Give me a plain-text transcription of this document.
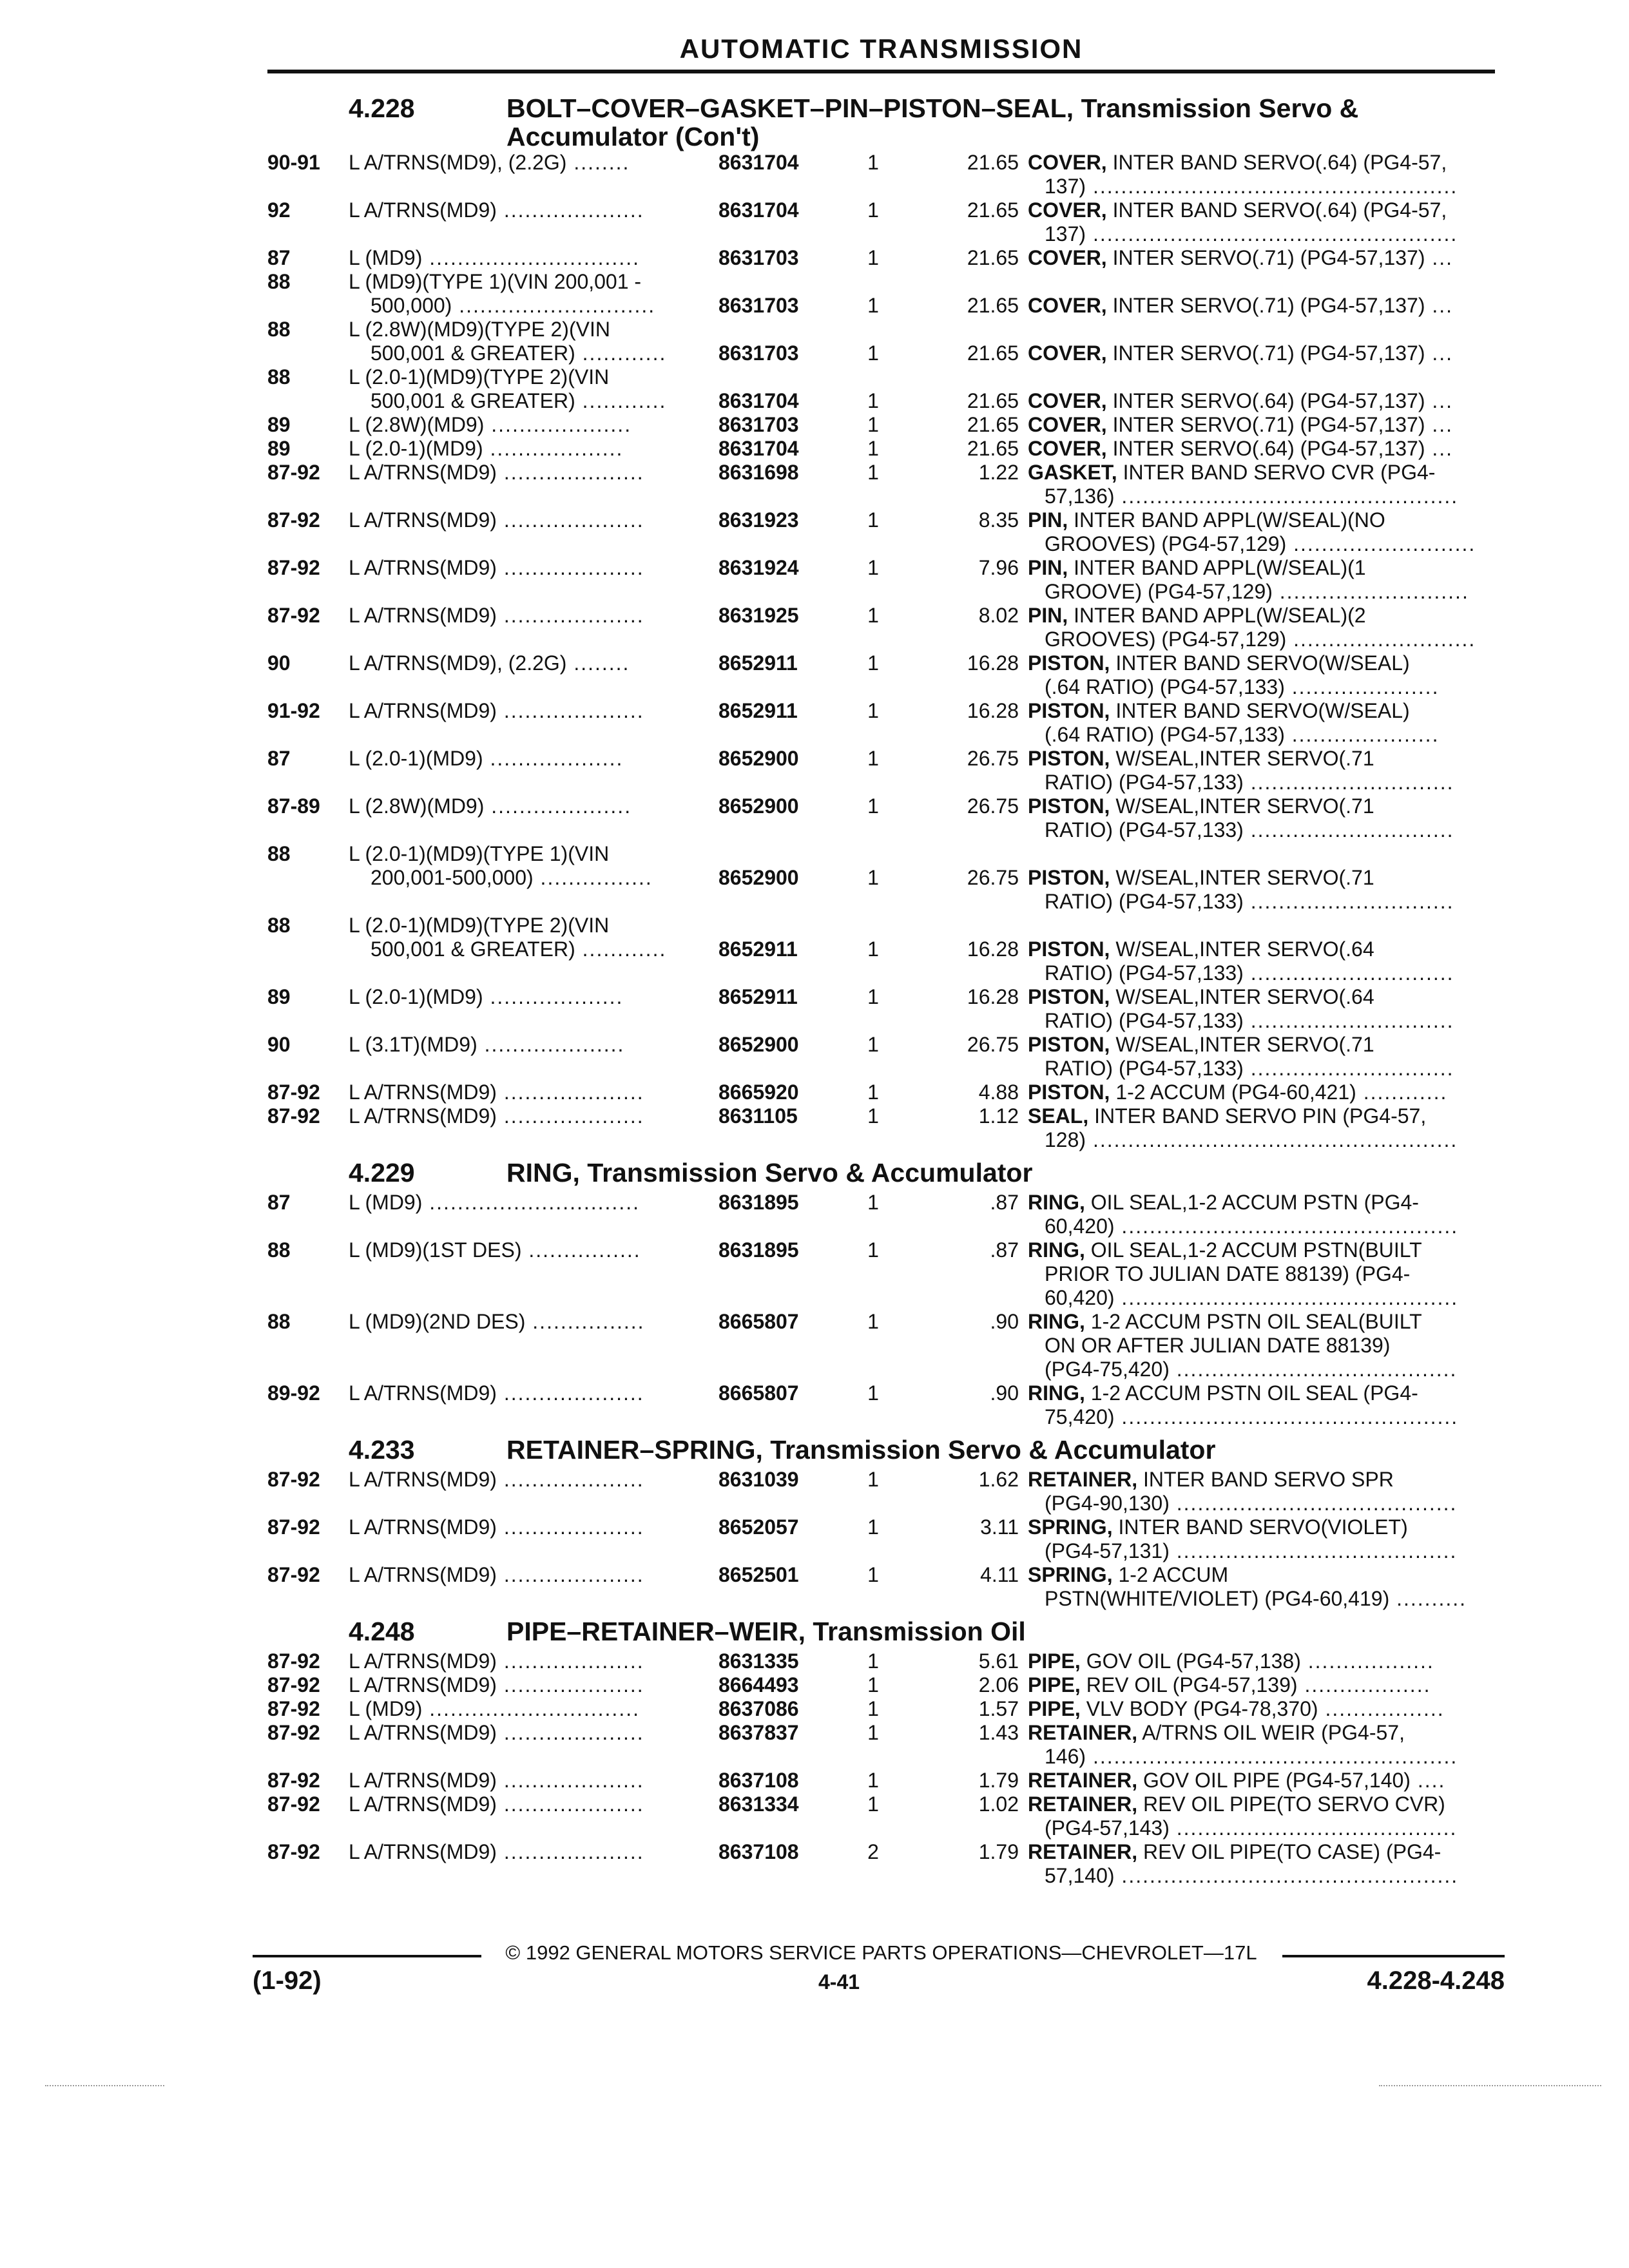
AUTOMATIC TRANSMISSION
4.228	BOLT–COVER–GASKET–PIN–PISTON–SEAL, Transmission Servo & Accumulator (Con't)
90-91	L A/TRNS(MD9), (2.2G) ........	8631704	1	21.65 COVER, INTER BAND SERVO(.64) (PG4-57,
137) ....................................................
92	L A/TRNS(MD9) ....................	8631704	1	21.65 COVER, INTER BAND SERVO(.64) (PG4-57,
137) ....................................................
87	L (MD9) ..............................	8631703	1	21.65 COVER, INTER SERVO(.71) (PG4-57,137) ...
88	L (MD9)(TYPE 1)(VIN 200,001 -
500,000) ............................	8631703	1	21.65 COVER, INTER SERVO(.71) (PG4-57,137) ...
88	L (2.8W)(MD9)(TYPE 2)(VIN
500,001 & GREATER) ............	8631703	1	21.65 COVER, INTER SERVO(.71) (PG4-57,137) ...
88	L (2.0-1)(MD9)(TYPE 2)(VIN
500,001 & GREATER) ............	8631704	1	21.65 COVER, INTER SERVO(.64) (PG4-57,137) ...
89	L (2.8W)(MD9) ....................	8631703	1	21.65 COVER, INTER SERVO(.71) (PG4-57,137) ...
89	L (2.0-1)(MD9) ...................	8631704	1	21.65 COVER, INTER SERVO(.64) (PG4-57,137) ...
87-92	L A/TRNS(MD9) ....................	8631698	1	1.22 GASKET, INTER BAND SERVO CVR (PG4-
57,136) ................................................
87-92	L A/TRNS(MD9) ....................	8631923	1	8.35 PIN, INTER BAND APPL(W/SEAL)(NO
GROOVES) (PG4-57,129) ..........................
87-92	L A/TRNS(MD9) ....................	8631924	1	7.96 PIN, INTER BAND APPL(W/SEAL)(1
GROOVE) (PG4-57,129) ...........................
87-92	L A/TRNS(MD9) ....................	8631925	1	8.02 PIN, INTER BAND APPL(W/SEAL)(2
GROOVES) (PG4-57,129) ..........................
90	L A/TRNS(MD9), (2.2G) ........	8652911	1	16.28 PISTON, INTER BAND SERVO(W/SEAL)
(.64 RATIO) (PG4-57,133) .....................
91-92	L A/TRNS(MD9) ....................	8652911	1	16.28 PISTON, INTER BAND SERVO(W/SEAL)
(.64 RATIO) (PG4-57,133) .....................
87	L (2.0-1)(MD9) ...................	8652900	1	26.75 PISTON, W/SEAL,INTER SERVO(.71
RATIO) (PG4-57,133) .............................
87-89	L (2.8W)(MD9) ....................	8652900	1	26.75 PISTON, W/SEAL,INTER SERVO(.71
RATIO) (PG4-57,133) .............................
88	L (2.0-1)(MD9)(TYPE 1)(VIN
200,001-500,000) ................	8652900	1	26.75 PISTON, W/SEAL,INTER SERVO(.71
RATIO) (PG4-57,133) .............................
88	L (2.0-1)(MD9)(TYPE 2)(VIN
500,001 & GREATER) ............	8652911	1	16.28 PISTON, W/SEAL,INTER SERVO(.64
RATIO) (PG4-57,133) .............................
89	L (2.0-1)(MD9) ...................	8652911	1	16.28 PISTON, W/SEAL,INTER SERVO(.64
RATIO) (PG4-57,133) .............................
90	L (3.1T)(MD9) ....................	8652900	1	26.75 PISTON, W/SEAL,INTER SERVO(.71
RATIO) (PG4-57,133) .............................
87-92	L A/TRNS(MD9) ....................	8665920	1	4.88 PISTON, 1-2 ACCUM (PG4-60,421) ............
87-92	L A/TRNS(MD9) ....................	8631105	1	1.12 SEAL, INTER BAND SERVO PIN (PG4-57,
128) ....................................................
4.229	RING, Transmission Servo & Accumulator
87	L (MD9) ..............................	8631895	1	.87 RING, OIL SEAL,1-2 ACCUM PSTN (PG4-
60,420) ................................................
88	L (MD9)(1ST DES) ................	8631895	1	.87 RING, OIL SEAL,1-2 ACCUM PSTN(BUILT
PRIOR TO JULIAN DATE 88139) (PG4-
60,420) ................................................
88	L (MD9)(2ND DES) ................	8665807	1	.90 RING, 1-2 ACCUM PSTN OIL SEAL(BUILT
ON OR AFTER JULIAN DATE 88139)
(PG4-75,420) ........................................
89-92	L A/TRNS(MD9) ....................	8665807	1	.90 RING, 1-2 ACCUM PSTN OIL SEAL (PG4-
75,420) ................................................
4.233	RETAINER–SPRING, Transmission Servo & Accumulator
87-92	L A/TRNS(MD9) ....................	8631039	1	1.62 RETAINER, INTER BAND SERVO SPR
(PG4-90,130) ........................................
87-92	L A/TRNS(MD9) ....................	8652057	1	3.11 SPRING, INTER BAND SERVO(VIOLET)
(PG4-57,131) ........................................
87-92	L A/TRNS(MD9) ....................	8652501	1	4.11 SPRING, 1-2 ACCUM
PSTN(WHITE/VIOLET) (PG4-60,419) ..........
4.248	PIPE–RETAINER–WEIR, Transmission Oil
87-92	L A/TRNS(MD9) ....................	8631335	1	5.61 PIPE, GOV OIL (PG4-57,138) ..................
87-92	L A/TRNS(MD9) ....................	8664493	1	2.06 PIPE, REV OIL (PG4-57,139) ..................
87-92	L (MD9) ..............................	8637086	1	1.57 PIPE, VLV BODY (PG4-78,370) .................
87-92	L A/TRNS(MD9) ....................	8637837	1	1.43 RETAINER, A/TRNS OIL WEIR (PG4-57,
146) ....................................................
87-92	L A/TRNS(MD9) ....................	8637108	1	1.79 RETAINER, GOV OIL PIPE (PG4-57,140) ....
87-92	L A/TRNS(MD9) ....................	8631334	1	1.02 RETAINER, REV OIL PIPE(TO SERVO CVR)
(PG4-57,143) ........................................
87-92	L A/TRNS(MD9) ....................	8637108	2	1.79 RETAINER, REV OIL PIPE(TO CASE) (PG4-
57,140) ................................................
© 1992 GENERAL MOTORS SERVICE PARTS OPERATIONS—CHEVROLET—17L
(1-92)	4-41	4.228-4.248
